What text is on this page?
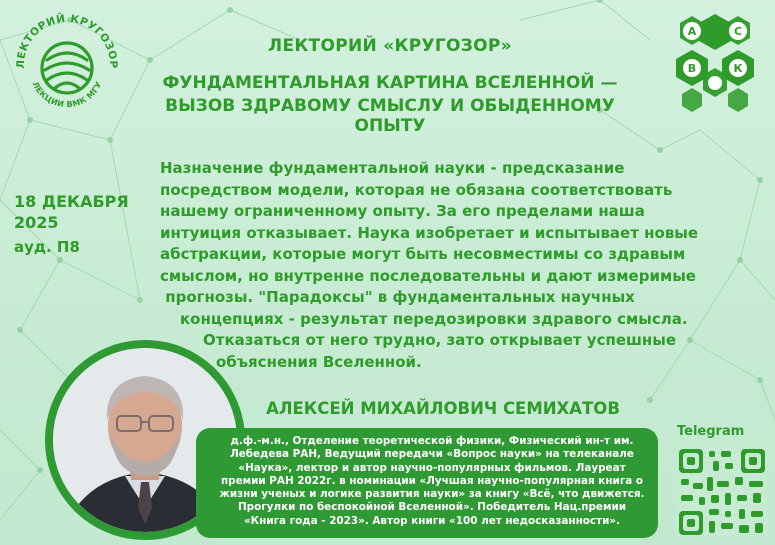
ЛЕКТОРИЙ КРУГОЗОР
ЛЕКЦИИ ВМК МГУ
А	С
В	К
ЛЕКТОРИЙ «КРУГОЗОР»
ФУНДАМЕНТАЛЬНАЯ КАРТИНА ВСЕЛЕННОЙ —
ВЫЗОВ ЗДРАВОМУ СМЫСЛУ И ОБЫДЕННОМУ ОПЫТУ
18 ДЕКАБРЯ
2025
ауд. П8
Назначение фундаментальной науки - предсказание
посредством модели, которая не обязана соответствовать
нашему ограниченному опыту. За его пределами наша
интуиция отказывает. Наука изобретает и испытывает новые
абстракции, которые могут быть несовместимы со здравым
смыслом, но внутренне последовательны и дают измеримые
прогнозы. "Парадоксы" в фундаментальных научных
концепциях - результат передозировки здравого смысла.
Отказаться от него трудно, зато открывает успешные
объяснения Вселенной.
АЛЕКСЕЙ МИХАЙЛОВИЧ СЕМИХАТОВ
д.ф.-м.н., Отделение теоретической физики, Физический ин-т им.
Лебедева РАН, Ведущий передачи «Вопрос науки» на телеканале
«Наука», лектор и автор научно-популярных фильмов. Лауреат
премии РАН 2022г. в номинации «Лучшая научно-популярная книга о
жизни ученых и логике развития науки» за книгу «Всё, что движется.
Прогулки по беспокойной Вселенной». Победитель Нац.премии
«Книга года - 2023». Автор книги «100 лет недосказанности».
Telegram
